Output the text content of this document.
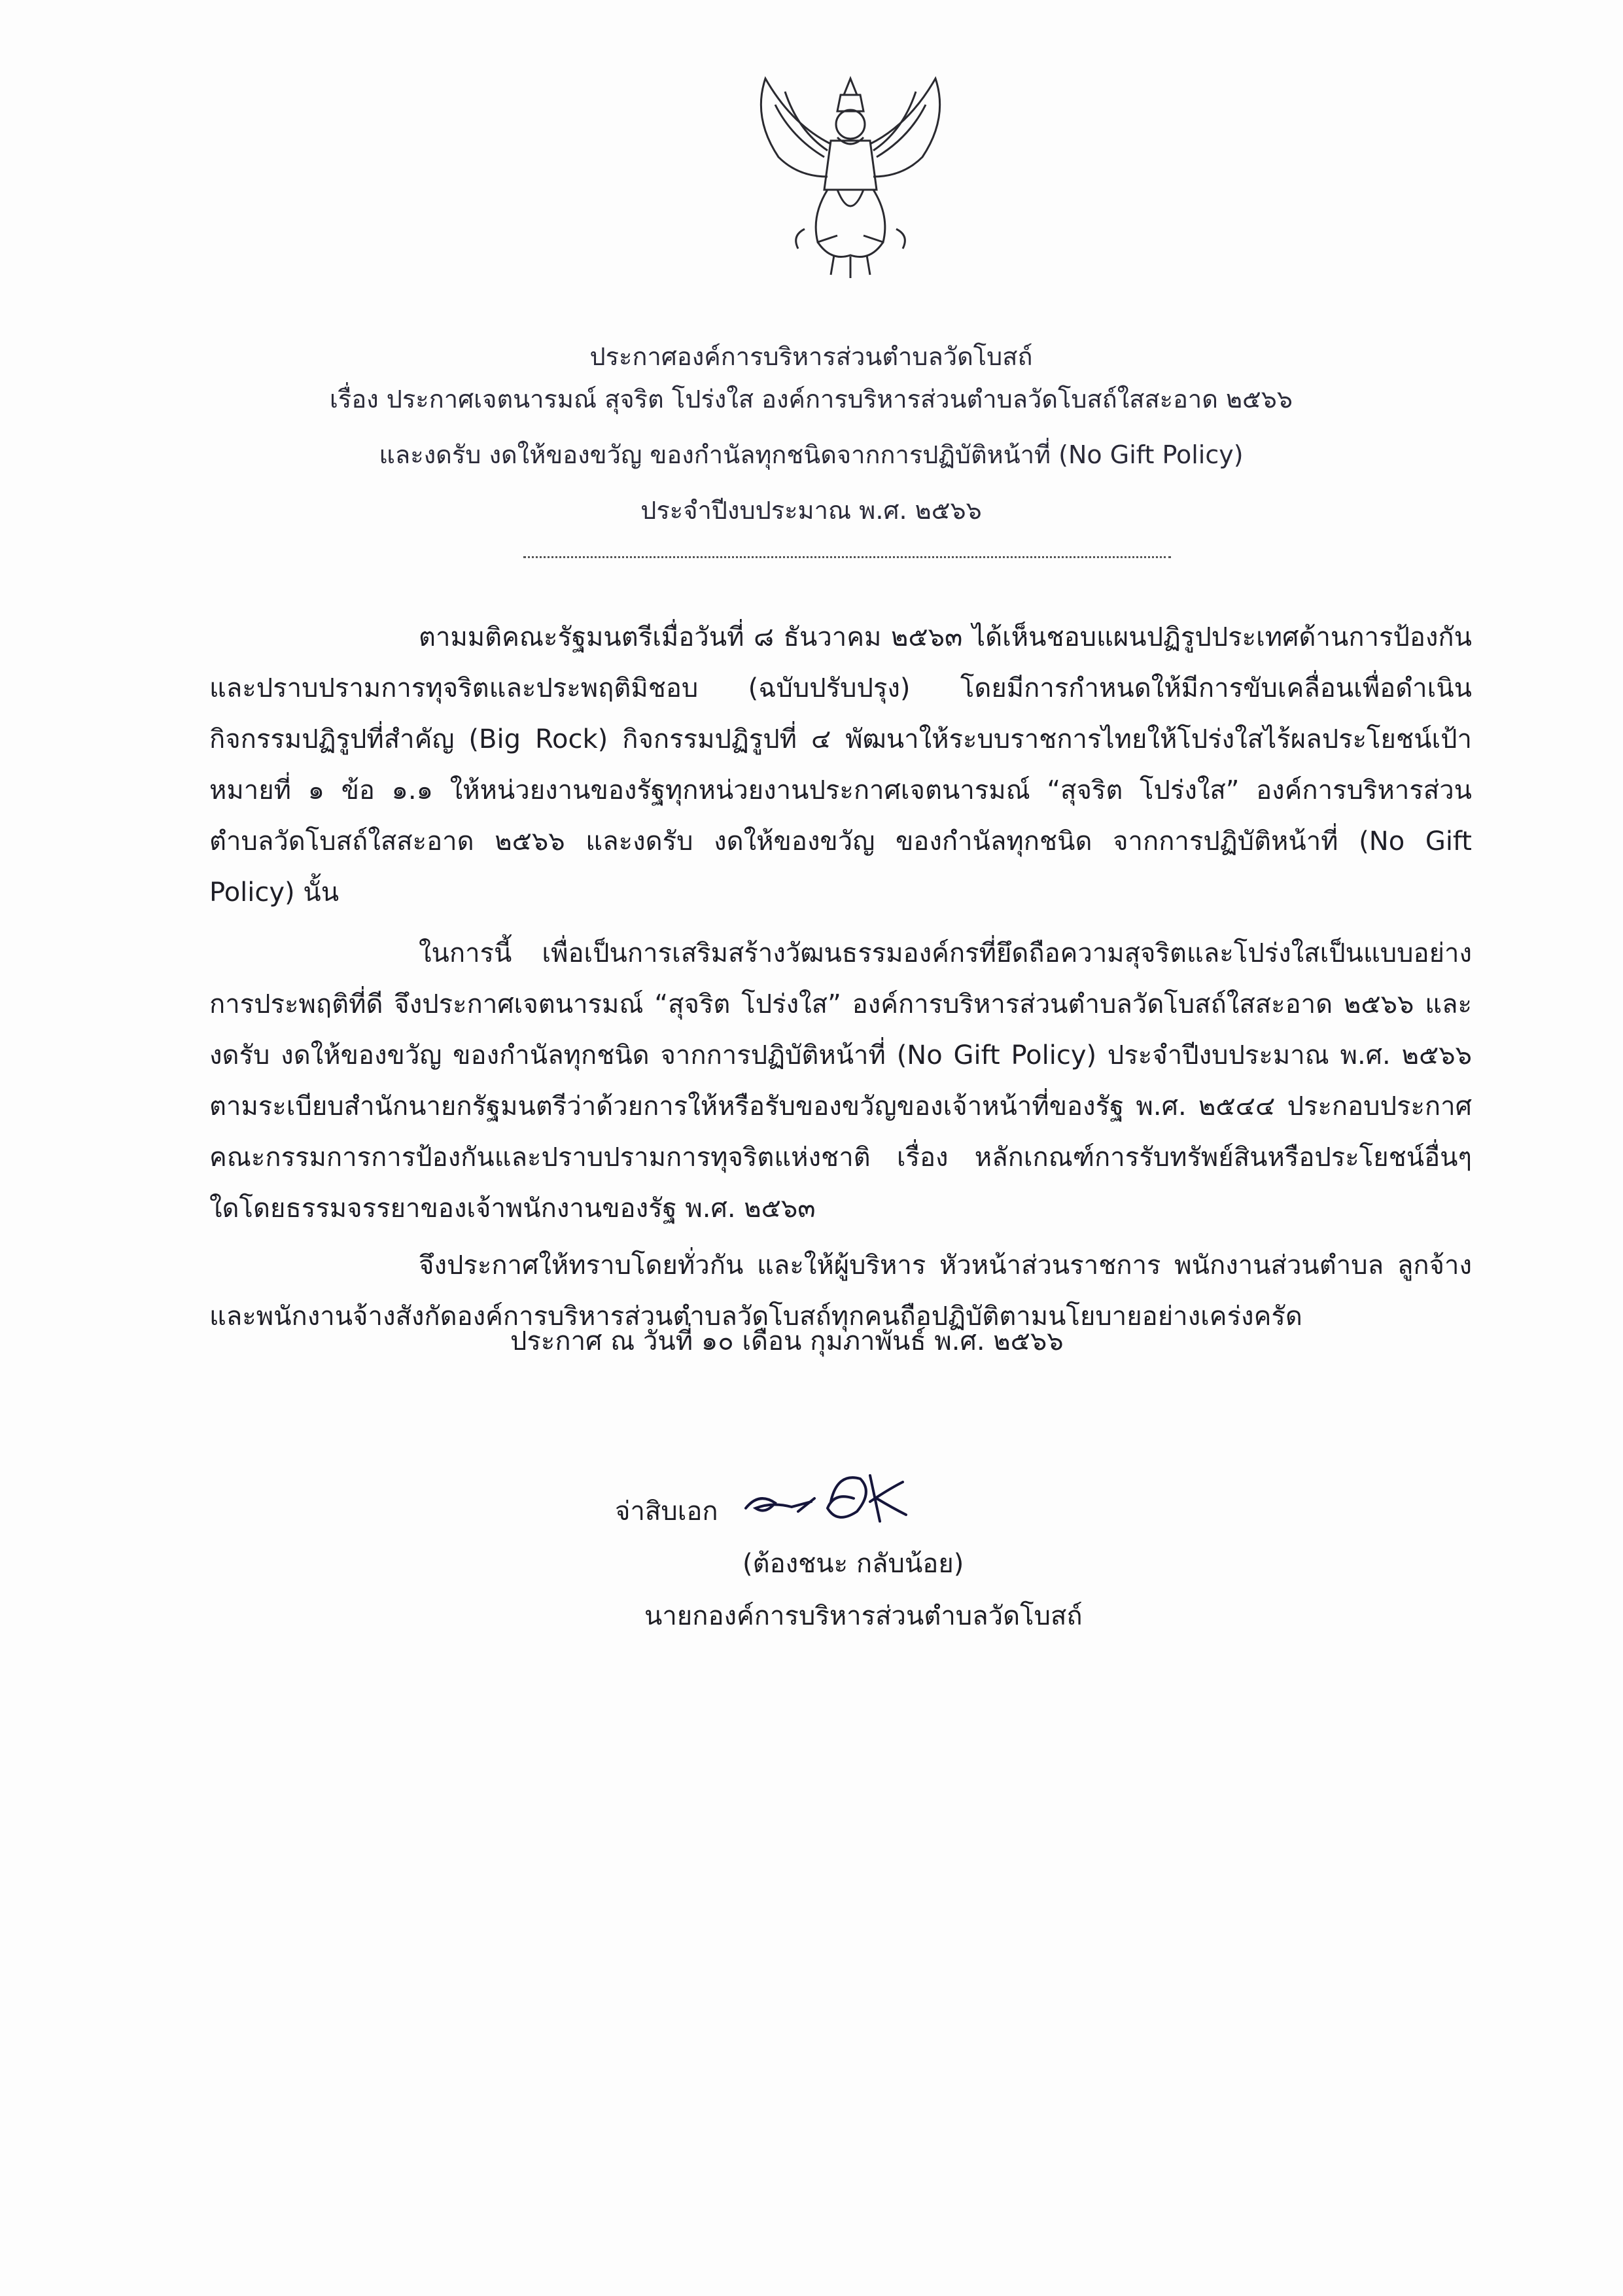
ประกาศองค์การบริหารส่วนตำบลวัดโบสถ์
เรื่อง ประกาศเจตนารมณ์ สุจริต โปร่งใส องค์การบริหารส่วนตำบลวัดโบสถ์ใสสะอาด ๒๕๖๖
และงดรับ งดให้ของขวัญ ของกำนัลทุกชนิดจากการปฏิบัติหน้าที่ (No Gift Policy)
ประจำปีงบประมาณ พ.ศ. ๒๕๖๖

ตามมติคณะรัฐมนตรีเมื่อวันที่ ๘ ธันวาคม ๒๕๖๓ ได้เห็นชอบแผนปฏิรูปประเทศด้านการป้องกันและปราบปรามการทุจริตและประพฤติมิชอบ (ฉบับปรับปรุง) โดยมีการกำหนดให้มีการขับเคลื่อนเพื่อดำเนินกิจกรรมปฏิรูปที่สำคัญ (Big Rock) กิจกรรมปฏิรูปที่ ๔ พัฒนาให้ระบบราชการไทยให้โปร่งใสไร้ผลประโยชน์เป้าหมายที่ ๑ ข้อ ๑.๑ ให้หน่วยงานของรัฐทุกหน่วยงานประกาศเจตนารมณ์ “สุจริต โปร่งใส” องค์การบริหารส่วนตำบลวัดโบสถ์ใสสะอาด ๒๕๖๖ และงดรับ งดให้ของขวัญ ของกำนัลทุกชนิด จากการปฏิบัติหน้าที่ (No Gift Policy) นั้น

ในการนี้ เพื่อเป็นการเสริมสร้างวัฒนธรรมองค์กรที่ยึดถือความสุจริตและโปร่งใสเป็นแบบอย่างการประพฤติที่ดี จึงประกาศเจตนารมณ์ “สุจริต โปร่งใส” องค์การบริหารส่วนตำบลวัดโบสถ์ใสสะอาด ๒๕๖๖ และงดรับ งดให้ของขวัญ ของกำนัลทุกชนิด จากการปฏิบัติหน้าที่ (No Gift Policy) ประจำปีงบประมาณ พ.ศ. ๒๕๖๖ ตามระเบียบสำนักนายกรัฐมนตรีว่าด้วยการให้หรือรับของขวัญของเจ้าหน้าที่ของรัฐ พ.ศ. ๒๕๔๔ ประกอบประกาศคณะกรรมการการป้องกันและปราบปรามการทุจริตแห่งชาติ เรื่อง หลักเกณฑ์การรับทรัพย์สินหรือประโยชน์อื่นๆ ใดโดยธรรมจรรยาของเจ้าพนักงานของรัฐ พ.ศ. ๒๕๖๓

จึงประกาศให้ทราบโดยทั่วกัน และให้ผู้บริหาร หัวหน้าส่วนราชการ พนักงานส่วนตำบล ลูกจ้าง และพนักงานจ้างสังกัดองค์การบริหารส่วนตำบลวัดโบสถ์ทุกคนถือปฏิบัติตามนโยบายอย่างเคร่งครัด

ประกาศ ณ วันที่ ๑๐ เดือน กุมภาพันธ์ พ.ศ. ๒๕๖๖
จ่าสิบเอก
(ต้องชนะ กลับน้อย)
นายกองค์การบริหารส่วนตำบลวัดโบสถ์
